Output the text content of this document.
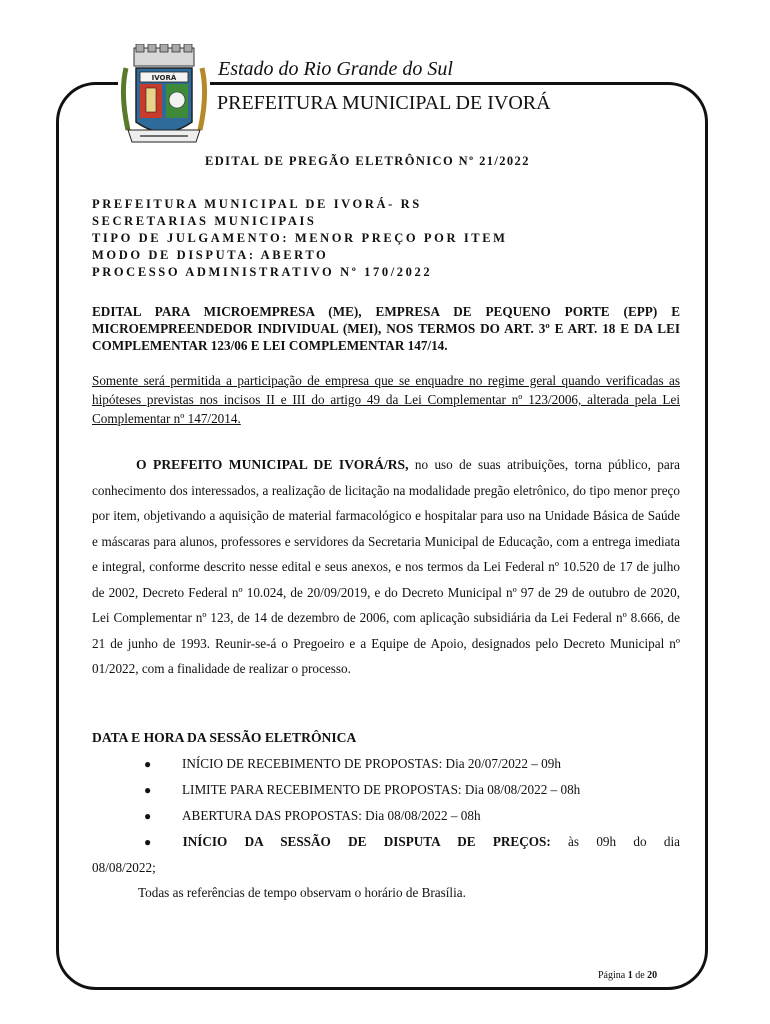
IVORÁ Estado do Rio Grande do Sul
PREFEITURA MUNICIPAL DE IVORÁ
EDITAL DE PREGÃO ELETRÔNICO Nº 21/2022
PREFEITURA MUNICIPAL DE IVORÁ- RS
SECRETARIAS MUNICIPAIS
TIPO DE JULGAMENTO: MENOR PREÇO POR ITEM
MODO DE DISPUTA: ABERTO
PROCESSO ADMINISTRATIVO Nº 170/2022
EDITAL PARA MICROEMPRESA (ME), EMPRESA DE PEQUENO PORTE (EPP) E MICROEMPREENDEDOR INDIVIDUAL (MEI), NOS TERMOS DO ART. 3º E ART. 18 E DA LEI COMPLEMENTAR 123/06 E LEI COMPLEMENTAR 147/14.
Somente será permitida a participação de empresa que se enquadre no regime geral quando verificadas as hipóteses previstas nos incisos II e III do artigo 49 da Lei Complementar nº 123/2006, alterada pela Lei Complementar nº 147/2014.
O PREFEITO MUNICIPAL DE IVORÁ/RS, no uso de suas atribuições, torna público, para conhecimento dos interessados, a realização de licitação na modalidade pregão eletrônico, do tipo menor preço por item, objetivando a aquisição de material farmacológico e hospitalar para uso na Unidade Básica de Saúde e máscaras para alunos, professores e servidores da Secretaria Municipal de Educação, com a entrega imediata e integral, conforme descrito nesse edital e seus anexos, e nos termos da Lei Federal nº 10.520 de 17 de julho de 2002, Decreto Federal nº 10.024, de 20/09/2019, e do Decreto Municipal nº 97 de 29 de outubro de 2020, Lei Complementar nº 123, de 14 de dezembro de 2006, com aplicação subsidiária da Lei Federal nº 8.666, de 21 de junho de 1993. Reunir-se-á o Pregoeiro e a Equipe de Apoio, designados pelo Decreto Municipal nº 01/2022, com a finalidade de realizar o processo.
DATA E HORA DA SESSÃO ELETRÔNICA
● INÍCIO DE RECEBIMENTO DE PROPOSTAS: Dia 20/07/2022 – 09h
● LIMITE PARA RECEBIMENTO DE PROPOSTAS: Dia 08/08/2022 – 08h
● ABERTURA DAS PROPOSTAS: Dia 08/08/2022 – 08h
● INÍCIO DA SESSÃO DE DISPUTA DE PREÇOS: às 09h do dia
08/08/2022;
Todas as referências de tempo observam o horário de Brasília.
Página 1 de 20
